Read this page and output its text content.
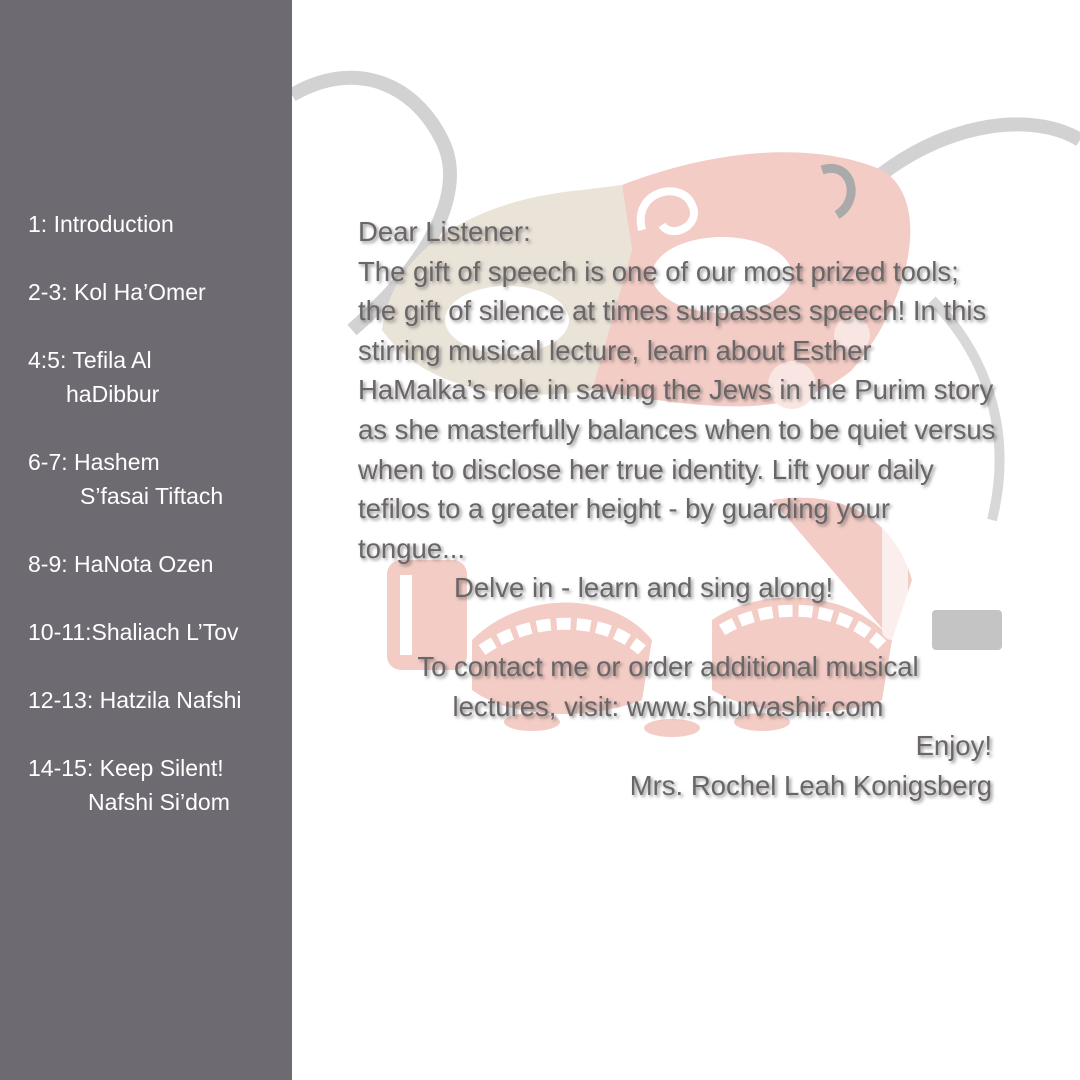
1: Introduction
2-3: Kol Ha’Omer
4:5: Tefila Al
haDibbur
6-7: Hashem
S’fasai Tiftach
8-9: HaNota Ozen
10-11:Shaliach L’Tov
12-13: Hatzila Nafshi
14-15: Keep Silent!
Nafshi Si’dom

Dear Listener:

The gift of speech is one of our most prized tools; the gift of silence at times surpasses speech! In this stirring musical lecture, learn about Esther HaMalka’s role in saving the Jews in the Purim story as she masterfully balances when to be quiet versus when to disclose her true identity. Lift your daily tefilos to a greater height - by guarding your tongue...

Delve in - learn and sing along!

To contact me or order additional musical

lectures, visit: www.shiurvashir.com

Enjoy!

Mrs. Rochel Leah Konigsberg
